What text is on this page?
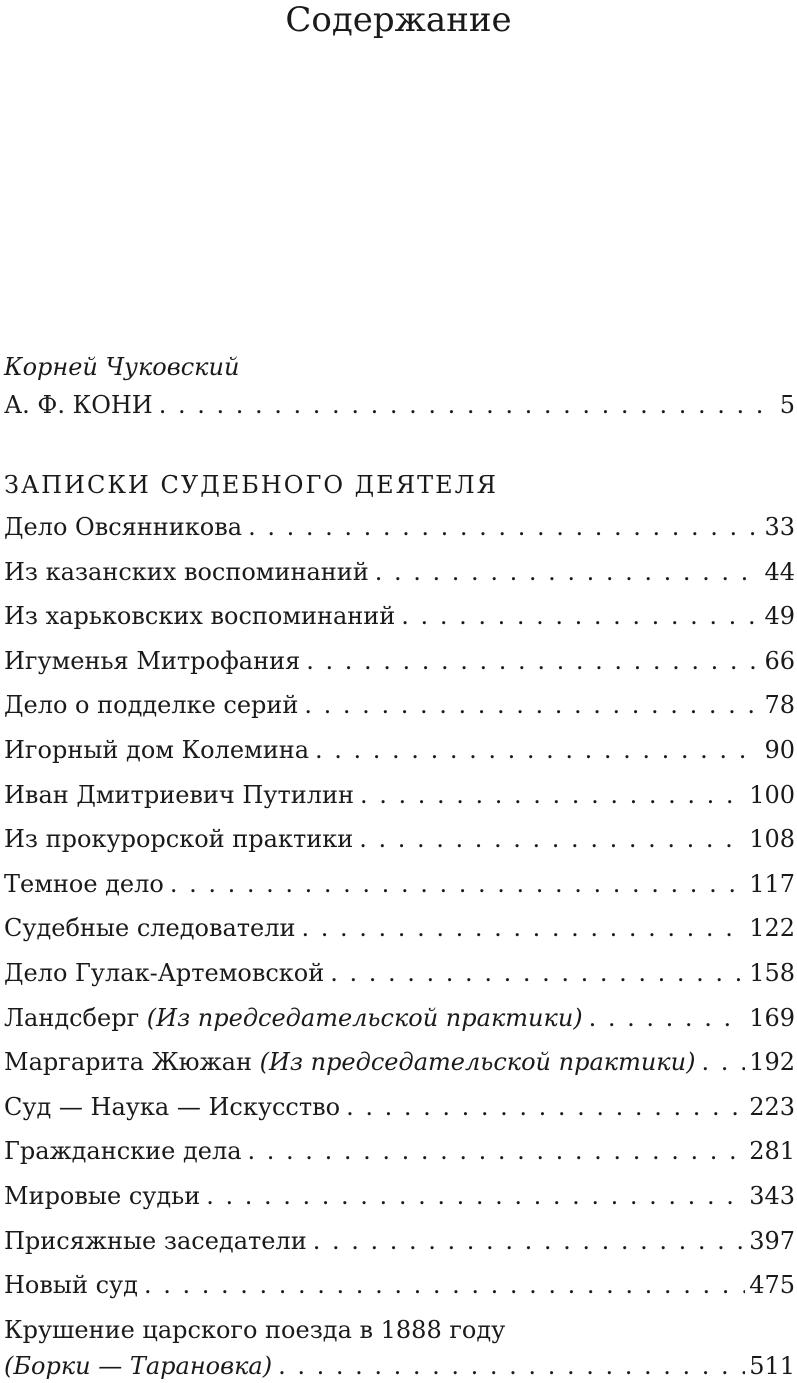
Содержание
Корней Чуковский
А. Ф. КОНИ . . .	5
ЗАПИСКИ СУДЕБНОГО ДЕЯТЕЛЯ
Дело Овсянникова . . .	33
Из казанских воспоминаний . . .	44
Из харьковских воспоминаний . . .	49
Игуменья Митрофания . . .	66
Дело о подделке серий . . .	78
Игорный дом Колемина . . .	90
Иван Дмитриевич Путилин . . .	100
Из прокурорской практики . . .	108
Темное дело . . .	117
Судебные следователи . . .	122
Дело Гулак-Артемовской . . .	158
Ландсберг (Из председательской практики) . . .	169
Маргарита Жюжан (Из председательской практики) . . . 192
Суд — Наука — Искусство . . .	223
Гражданские дела . . .	281
Мировые судьи . . .	343
Присяжные заседатели . . .	397
Новый суд . . .	475
Крушение царского поезда в 1888 году
(Борки — Тарановка) . . .	511
